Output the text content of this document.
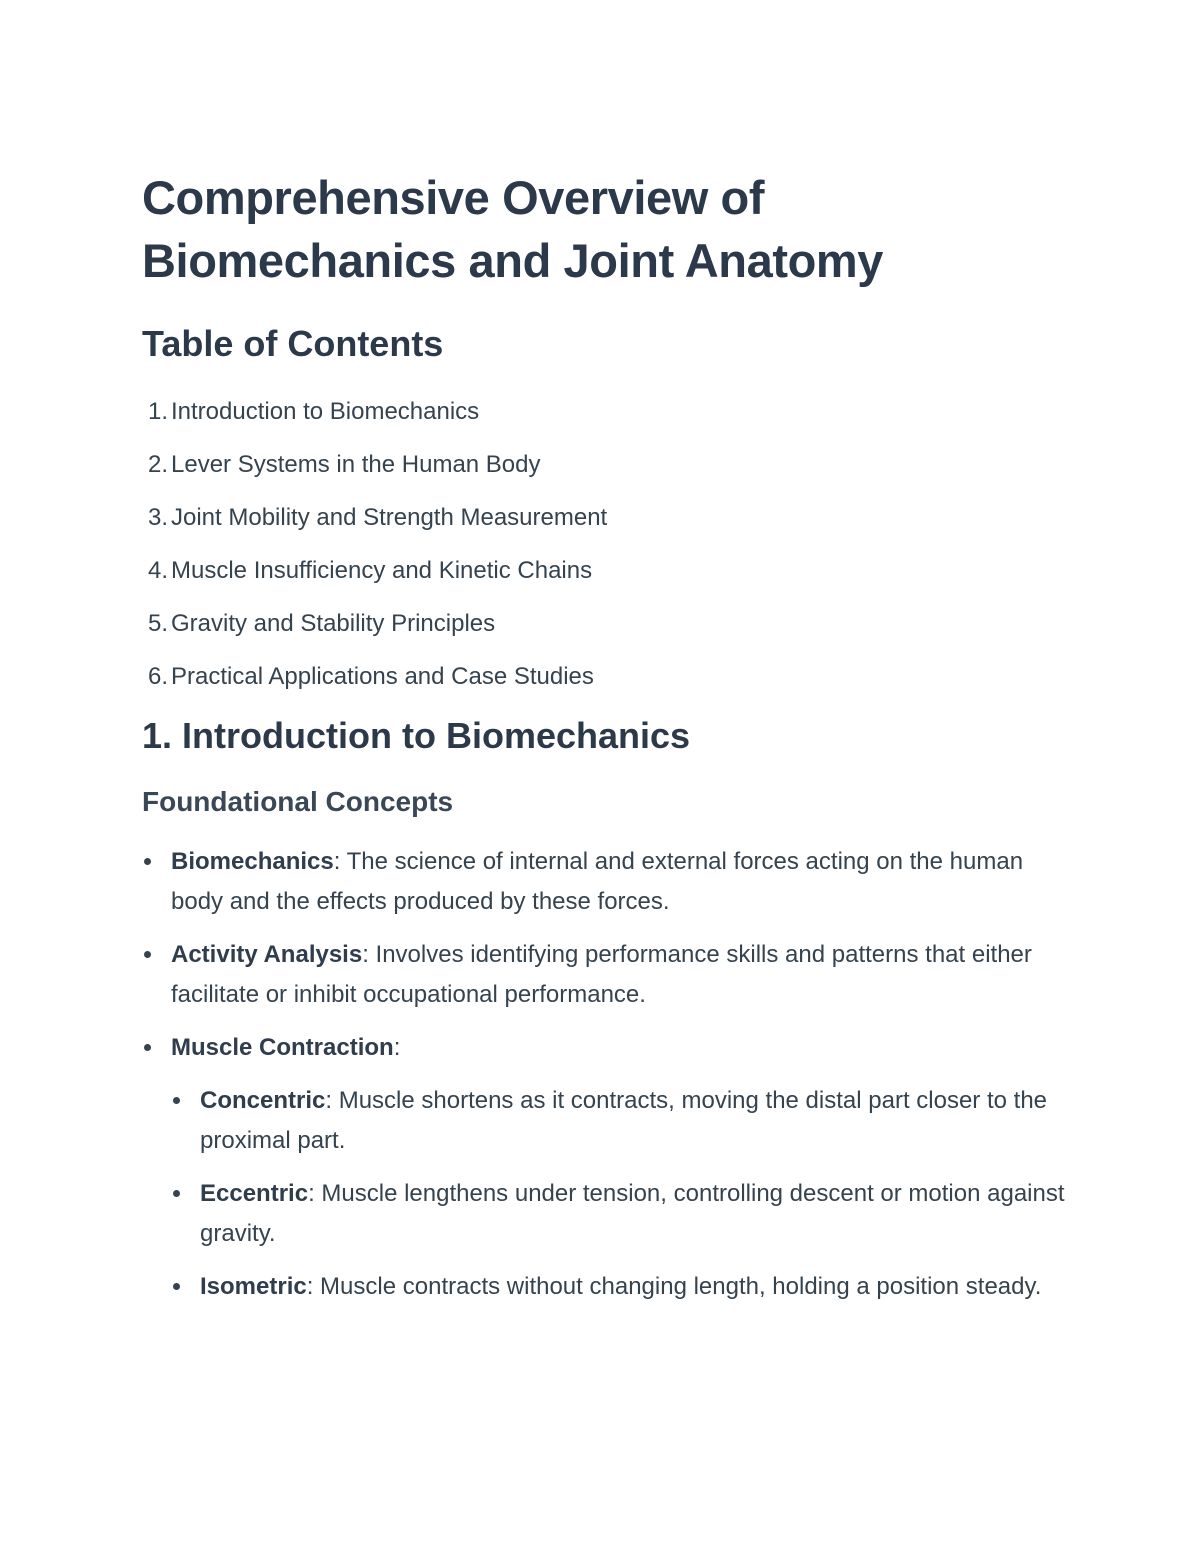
Comprehensive Overview of Biomechanics and Joint Anatomy
Table of Contents
1. Introduction to Biomechanics
2. Lever Systems in the Human Body
3. Joint Mobility and Strength Measurement
4. Muscle Insufficiency and Kinetic Chains
5. Gravity and Stability Principles
6. Practical Applications and Case Studies
1. Introduction to Biomechanics
Foundational Concepts
Biomechanics: The science of internal and external forces acting on the human body and the effects produced by these forces.
Activity Analysis: Involves identifying performance skills and patterns that either facilitate or inhibit occupational performance.
Muscle Contraction:
Concentric: Muscle shortens as it contracts, moving the distal part closer to the proximal part.
Eccentric: Muscle lengthens under tension, controlling descent or motion against gravity.
Isometric: Muscle contracts without changing length, holding a position steady.
